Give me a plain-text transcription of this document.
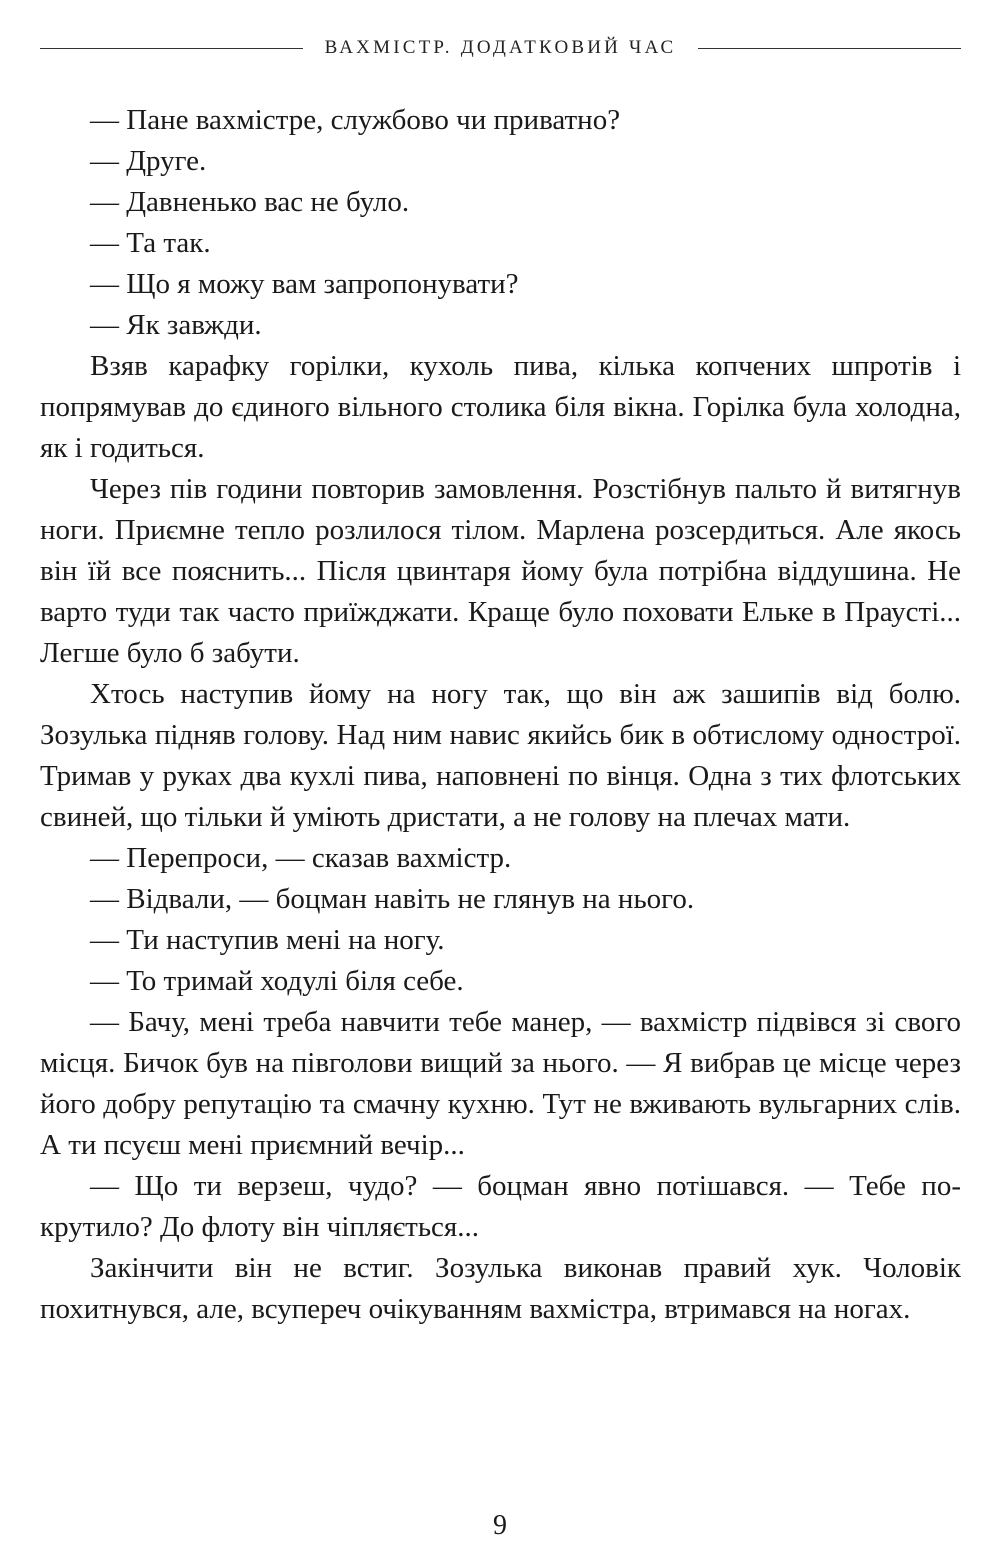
ВАХМІСТР. ДОДАТКОВИЙ ЧАС

— Пане вахмістре, службово чи приватно?

— Друге.

— Давненько вас не було.

— Та так.

— Що я можу вам запропонувати?

— Як завжди.

Взяв карафку горілки, кухоль пива, кілька копчених шпротів і попрямував до єдиного вільного столика біля вікна. Горілка була холодна, як і годиться.

Через пів години повторив замовлення. Розстібнув пальто й витягнув ноги. Приємне тепло розлилося тілом. Марлена розсердиться. Але якось він їй все пояснить... Після цвинтаря йому була потрібна віддушина. Не варто туди так часто приїжджати. Краще було поховати Ельке в Праусті... Легше було б забути.

Хтось наступив йому на ногу так, що він аж зашипів від болю. Зозулька підняв голову. Над ним навис якийсь бик в обтислому однострої. Тримав у руках два кухлі пива, наповнені по вінця. Одна з тих флотських свиней, що тільки й уміють дристати, а не голову на плечах мати.

— Перепроси, — сказав вахмістр.

— Відвали, — боцман навіть не глянув на нього.

— Ти наступив мені на ногу.

— То тримай ходулі біля себе.

— Бачу, мені треба навчити тебе манер, — вахмістр підвівся зі свого місця. Бичок був на півголови вищий за нього. — Я вибрав це місце через його добру репутацію та смачну кухню. Тут не вживають вульгарних слів. А ти псуєш мені приємний вечір...

— Що ти верзеш, чудо? — боцман явно потішався. — Тебе покрутило? До флоту він чіпляється...

Закінчити він не встиг. Зозулька виконав правий хук. Чоловік похитнувся, але, всупереч очікуванням вахмістра, втримався на ногах.

9
